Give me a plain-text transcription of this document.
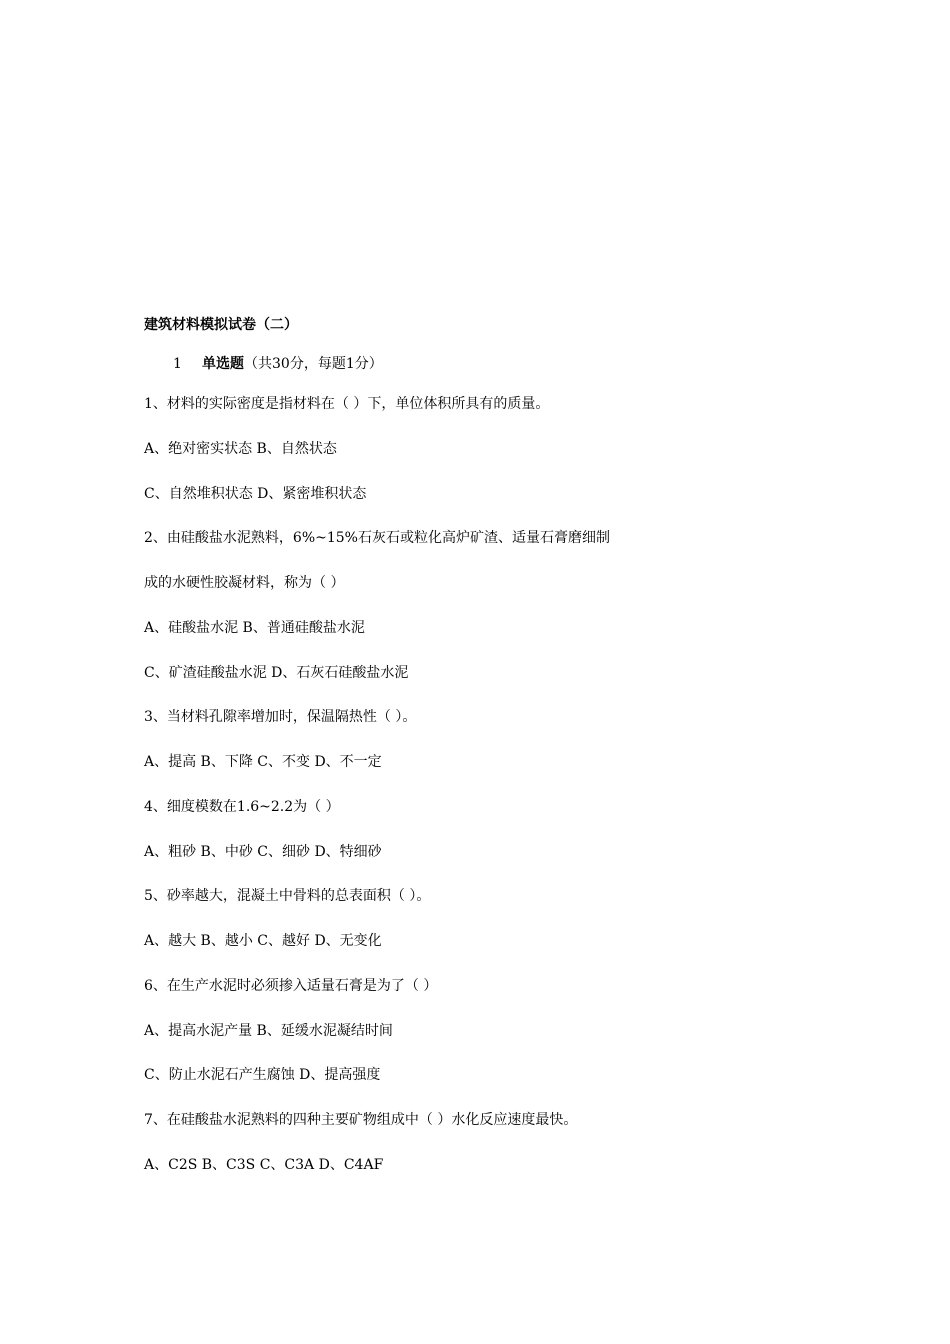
建筑材料模拟试卷（二）
1 单选题（共30分，每题1分）
1、材料的实际密度是指材料在（ ）下，单位体积所具有的质量。
A、绝对密实状态 B、自然状态
C、自然堆积状态 D、紧密堆积状态
2、由硅酸盐水泥熟料，6%~15%石灰石或粒化高炉矿渣、适量石膏磨细制
成的水硬性胶凝材料，称为（ ）
A、硅酸盐水泥 B、普通硅酸盐水泥
C、矿渣硅酸盐水泥 D、石灰石硅酸盐水泥
3、当材料孔隙率增加时，保温隔热性（ ）。
A、提高 B、下降 C、不变 D、不一定
4、细度模数在1.6~2.2为（ ）
A、粗砂 B、中砂 C、细砂 D、特细砂
5、砂率越大，混凝土中骨料的总表面积（ ）。
A、越大 B、越小 C、越好 D、无变化
6、在生产水泥时必须掺入适量石膏是为了（ ）
A、提高水泥产量 B、延缓水泥凝结时间
C、防止水泥石产生腐蚀 D、提高强度
7、在硅酸盐水泥熟料的四种主要矿物组成中（ ）水化反应速度最快。
A、C2S B、C3S C、C3A D、C4AF
